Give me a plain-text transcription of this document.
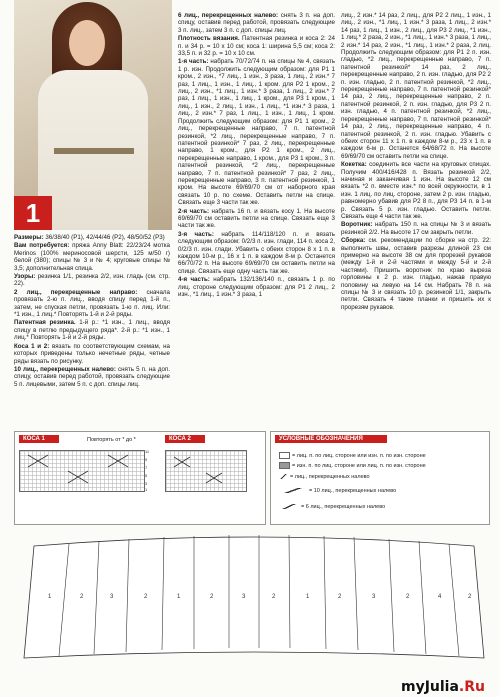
1

Размеры: 36/38/40 (P1), 42/44/46 (P2), 48/50/52 (P3)

Вам потребуется: пряжа Anny Blatt: 22/23/24 мотка Merinos (100% мериносовой шерсти, 125 м/50 г) белой (380); спицы № 3 и № 4; круговые спицы № 3,5; дополнительная спица.

Узоры: резинка 1/1, резинка 2/2, изн. гладь (см. стр. 22).

2 лиц., перекрещенные направо: сначала провязать 2-ю п. лиц., вводя спицу перед 1-й п., затем, не спуская петли, провязать 1-ю п. лиц. Или: *1 изн., 1 лиц.* Повторять 1-й и 2-й ряды.

Патентная резинка. 1-й р.: *1 изн., 1 лиц., вводя спицу в петлю предыдущего ряда*. 2-й р.: *1 изн., 1 лиц.* Повторять 1-й и 2-й ряды.

Коса 1 и 2: вязать по соответствующим схемам, на которых приведены только нечетные ряды, четные ряды вязать по рисунку.

10 лиц., перекрещенных налево: снять 5 п. на доп. спицу, оставив перед работой, провязать следующие 5 п. лицевыми, затем 5 п. с доп. спицы лиц.

6 лиц., перекрещенных налево: снять 3 п. на доп. спицу, оставив перед работой, провязать следующие 3 п. лиц., затем 3 п. с доп. спицы лиц.

Плотность вязания. Патентная резинка и коса 2: 24 п. и 34 р. = 10 x 10 см; коса 1: ширина 5,5 см; коса 2: 33,5 п. и 32 р. = 10 x 10 см.

1-я часть: набрать 70/72/74 п. на спицы № 4, связать 1 р. изн. Продолжить следующим образом: для Р1 1 кром., 2 изн., *7 лиц., 1 изн., 3 раза, 1 лиц., 2 изн.* 7 раз, 1 лиц., 1 изн., 1 лиц., 1 кром. для Р2 1 кром., 2 лиц., 2 изн., *1 лиц., 1 изн.* 3 раза, 1 лиц., 2 изн.* 7 раз, 1 лиц., 1 изн., 1 лиц., 1 кром., для Р3 1 кром., 1 лиц., 1 изн., 2 лиц., 1 изн., 1 лиц., *1 изн.* 3 раза, 1 лиц., 2 изн.* 7 раз, 1 лиц., 1 изн., 1 лиц., 1 кром. Продолжить следующим образом: для Р1 1 кром., 2 лиц., перекрещенные направо, 7 п. патентной резинкой, *2 лиц., перекрещенные направо, 7 п. патентной резинкой* 7 раз, 2 лиц., перекрещенные направо, 1 кром., для Р2 1 кром., 2 лиц., перекрещенные направо, 1 кром., для Р3 1 кром., 3 п. патентной резинкой, *2 лиц., перекрещенные направо, 7 п. патентной резинкой* 7 раз, 2 лиц., перекрещенные направо, 3 п. патентной резинкой, 1 кром. На высоте 69/69/70 см от наборного края связать 10 р. по схеме. Оставить петли на спице. Связать еще 3 части так же.

2-я часть: набрать 16 п. и вязать косу 1. На высоте 69/69/70 см оставить петли на спице. Связать еще 3 части так же.

3-я часть: набрать 114/118/120 п. и вязать следующим образом: 0/2/3 п. изн. глади, 114 п. коса 2, 0/2/3 п. изн. глади. Убавить с обеих сторон 8 x 1 п. в каждом 10-м р., 16 x 1 п. в каждом 8-м р. Останется 66/70/72 п. На высоте 69/69/70 см оставить петли на спице. Связать еще одну часть так же.

4-я часть: набрать 132/136/140 п., связать 1 р. по лиц. стороне следующим образом: для Р1 2 лиц., 2 изн., *1 лиц., 1 изн.* 3 раза, 1

лиц., 2 изн.* 14 раз, 2 лиц., для Р2 2 лиц., 1 изн., 1 лиц., 2 изн., *1 лиц., 1 изн.* 3 раза, 1 лиц., 2 изн.* 14 раз, 1 лиц., 1 изн., 2 лиц., для Р3 2 лиц., *1 изн., 1 лиц.* 2 раза, 2 изн., *1 лиц., 1 изн.* 3 раза, 1 лиц., 2 изн.* 14 раз, 2 изн., *1 лиц., 1 изн.* 2 раза, 2 лиц. Продолжить следующим образом: для Р1 2 п. изн. гладью, *2 лиц., перекрещенные направо, 7 п. патентной резинкой* 14 раз, 2 лиц., перекрещенные направо, 2 п. изн. гладью, для Р2 2 п. изн. гладью, 2 п. патентной резинкой, *2 лиц., перекрещенные направо, 7 п. патентной резинкой* 14 раз, 2 лиц., перекрещенные направо, 2 п. патентной резинкой, 2 п. изн. гладью, для Р3 2 п. изн. гладью, 4 п. патентной резинкой, *2 лиц., перекрещенные направо, 7 п. патентной резинкой* 14 раз, 2 лиц., перекрещенные направо, 4 п. патентной резинкой, 2 п. изн. гладью. Убавить с обеих сторон 11 x 1 п. в каждом 8-м р., 23 x 1 п. в каждом 6-м р. Останется 64/68/72 п. На высоте 69/69/70 см оставить петли на спице.

Кокетка: соединить все части на круговых спицах. Получим 400/416/428 п. Вязать резинкой 2/2, начиная и заканчивая 1 изн. На высоте 12 см вязать *2 п. вместе изн.* по всей окружности, в 1 изн. 1 лиц. по лиц. стороне, затем 2 р. изн. гладью, равномерно убавив для Р2 8 п., для Р3 14 п. в 1-м р. Связать 5 р. изн. гладью. Оставить петли. Связать еще 4 части так же.

Воротник: набрать 150 п. на спицы № 3 и вязать резинкой 2/2. На высоте 17 см закрыть петли.

Сборка: см. рекомендации по сборке на стр. 22: выполнить швы, оставив разрезы длиной 23 см примерно на высоте 38 см для прорезей рукавов (между 1-й и 2-й частями и между 5-й и 2-й частями). Пришить воротник по краю выреза горловины к 2 р. изн. гладью, нажав правую половину на левую на 14 см. Набрать 78 п. на спицы № 3 и связать 10 р. резинкой 1/1, закрыть петли. Связать 4 такие планки и пришить их к прорезям рукавов.

КОСА 1	Повторять от * до *
11
9
7
5
3
1
КОСА 2	УСЛОВНЫЕ ОБОЗНАЧЕНИЯ
= лиц. п. по лиц. стороне или изн. п. по изн. стороне
= изн. п. по лиц. стороне или лиц. п. по изн. стороне
= лиц., перекрещенных налево
= 10 лиц., перекрещенных налево
= 6 лиц., перекрещенных налево
1	2	3	2	1	2	3	2	1	2	3	2	4	2
myJulia.Ru
